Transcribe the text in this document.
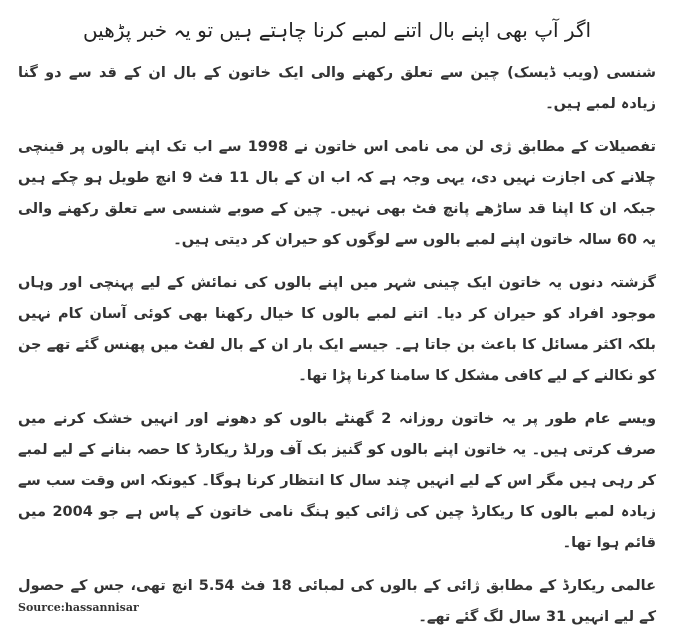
اگر آپ بھی اپنے بال اتنے لمبے کرنا چاہتے ہیں تو یہ خبر پڑھیں

شنسی (ویب ڈیسک) چین سے تعلق رکھنے والی ایک خاتون کے بال ان کے قد سے دو گنا زیادہ لمبے ہیں۔

تفصیلات کے مطابق ژی لن می نامی اس خاتون نے 1998 سے اب تک اپنے بالوں پر قینچی چلانے کی اجازت نہیں دی، یہی وجہ ہے کہ اب ان کے بال 11 فٹ 9 انچ طویل ہو چکے ہیں جبکہ ان کا اپنا قد ساڑھے پانچ فٹ بھی نہیں۔ چین کے صوبے شنسی سے تعلق رکھنے والی یہ 60 سالہ خاتون اپنے لمبے بالوں سے لوگوں کو حیران کر دیتی ہیں۔

گزشتہ دنوں یہ خاتون ایک چینی شہر میں اپنے بالوں کی نمائش کے لیے پہنچی اور وہاں موجود افراد کو حیران کر دیا۔ اتنے لمبے بالوں کا خیال رکھنا بھی کوئی آسان کام نہیں بلکہ اکثر مسائل کا باعث بن جاتا ہے۔ جیسے ایک بار ان کے بال لفٹ میں پھنس گئے تھے جن کو نکالنے کے لیے کافی مشکل کا سامنا کرنا پڑا تھا۔

ویسے عام طور پر یہ خاتون روزانہ 2 گھنٹے بالوں کو دھونے اور انہیں خشک کرنے میں صرف کرتی ہیں۔ یہ خاتون اپنے بالوں کو گنیز بک آف ورلڈ ریکارڈ کا حصہ بنانے کے لیے لمبے کر رہی ہیں مگر اس کے لیے انہیں چند سال کا انتظار کرنا ہوگا۔ کیونکہ اس وقت سب سے زیادہ لمبے بالوں کا ریکارڈ چین کی ژائی کیو ہنگ نامی خاتون کے پاس ہے جو 2004 میں قائم ہوا تھا۔

عالمی ریکارڈ کے مطابق ژائی کے بالوں کی لمبائی 18 فٹ 5.54 انچ تھی، جس کے حصول کے لیے انہیں 31 سال لگ گئے تھے۔

Source:hassannisar
